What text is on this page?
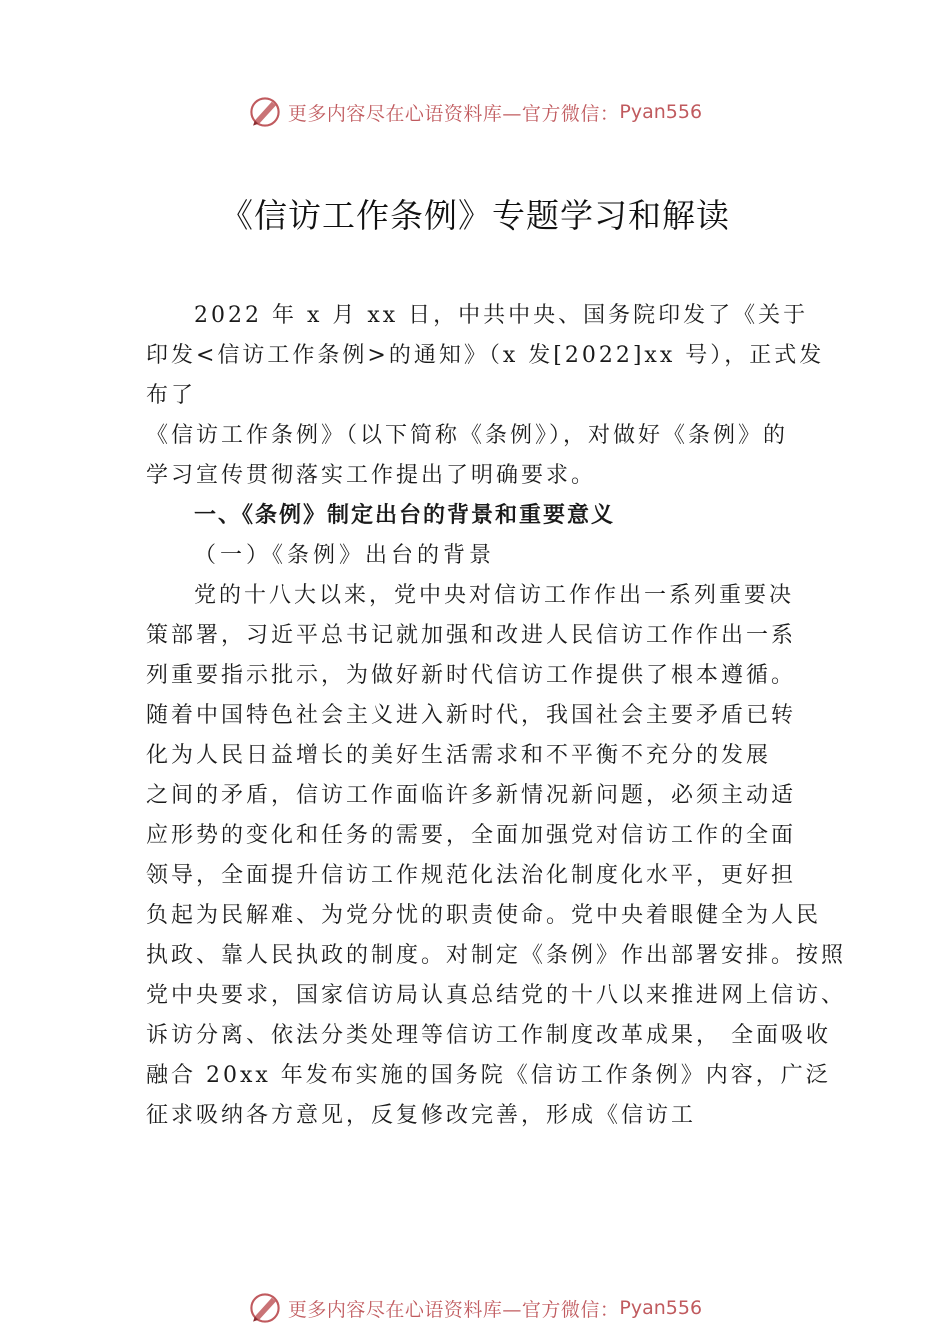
更多内容尽在心语资料库—官方微信： Pyan556
《信访工作条例》专题学习和解读
2022 年 x 月 xx 日，中共中央、国务院印发了《关于
印发<信访工作条例>的通知》（x 发[2022]xx 号），正式发
布了
《信访工作条例》（以下简称《条例》），对做好《条例》的
学习宣传贯彻落实工作提出了明确要求。
一、《条例》制定出台的背景和重要意义
（一）《条例》出台的背景
党的十八大以来，党中央对信访工作作出一系列重要决
策部署，习近平总书记就加强和改进人民信访工作作出一系
列重要指示批示，为做好新时代信访工作提供了根本遵循。
随着中国特色社会主义进入新时代，我国社会主要矛盾已转
化为人民日益增长的美好生活需求和不平衡不充分的发展
之间的矛盾，信访工作面临许多新情况新问题，必须主动适
应形势的变化和任务的需要，全面加强党对信访工作的全面
领导，全面提升信访工作规范化法治化制度化水平，更好担
负起为民解难、为党分忧的职责使命。党中央着眼健全为人民
执政、靠人民执政的制度。对制定《条例》作出部署安排。按照
党中央要求，国家信访局认真总结党的十八以来推进网上信访、
诉访分离、依法分类处理等信访工作制度改革成果， 全面吸收
融合 20xx 年发布实施的国务院《信访工作条例》内容，广泛
征求吸纳各方意见，反复修改完善，形成《信访工
更多内容尽在心语资料库—官方微信： Pyan556
